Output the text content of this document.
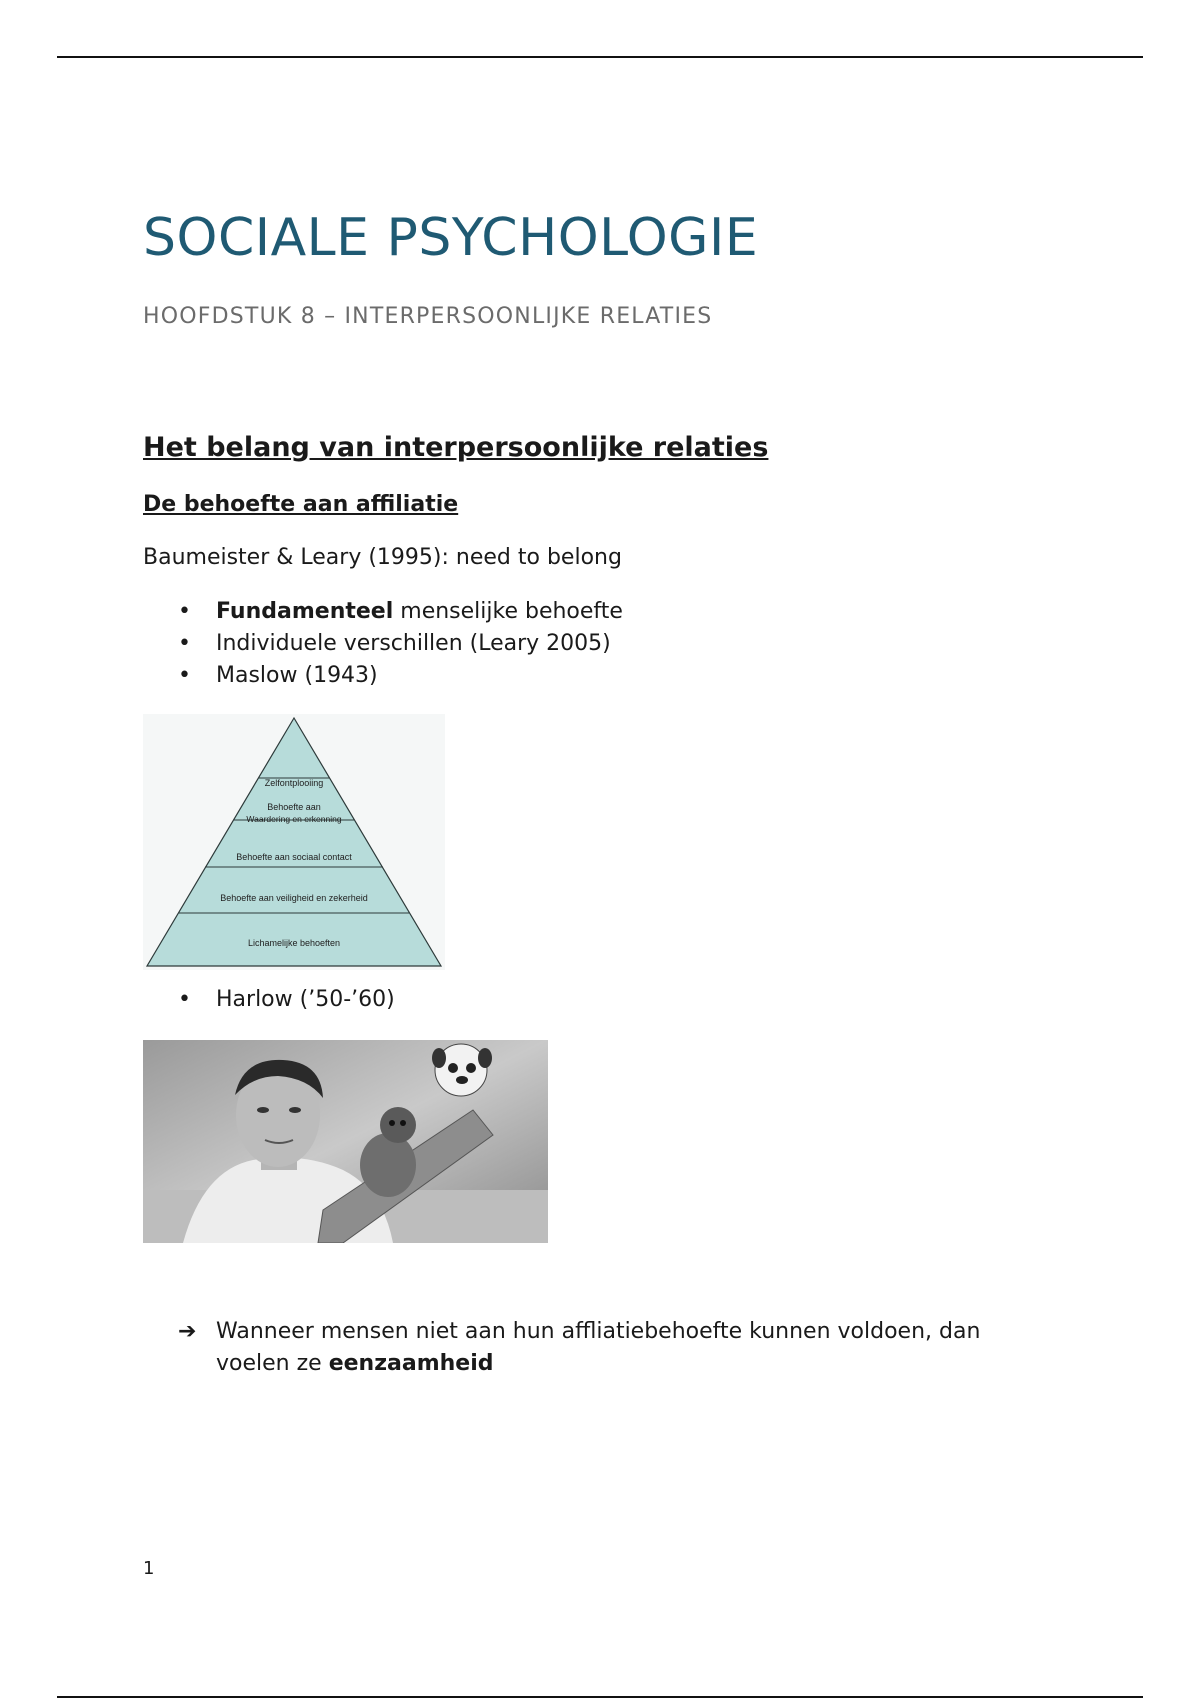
SOCIALE PSYCHOLOGIE
HOOFDSTUK 8 – INTERPERSOONLIJKE RELATIES
Het belang van interpersoonlijke relaties
De behoefte aan affiliatie

Baumeister & Leary (1995): need to belong

• Fundamenteel menselijke behoefte
• Individuele verschillen (Leary 2005)
• Maslow (1943)
Zelfontplooiing
Behoefte aan
Waardering en erkenning
Behoefte aan sociaal contact
Behoefte aan veiligheid en zekerheid
Lichamelijke behoeften
• Harlow (’50-’60)
➔ Wanneer mensen niet aan hun affliatiebehoefte kunnen voldoen, dan voelen ze eenzaamheid
1
